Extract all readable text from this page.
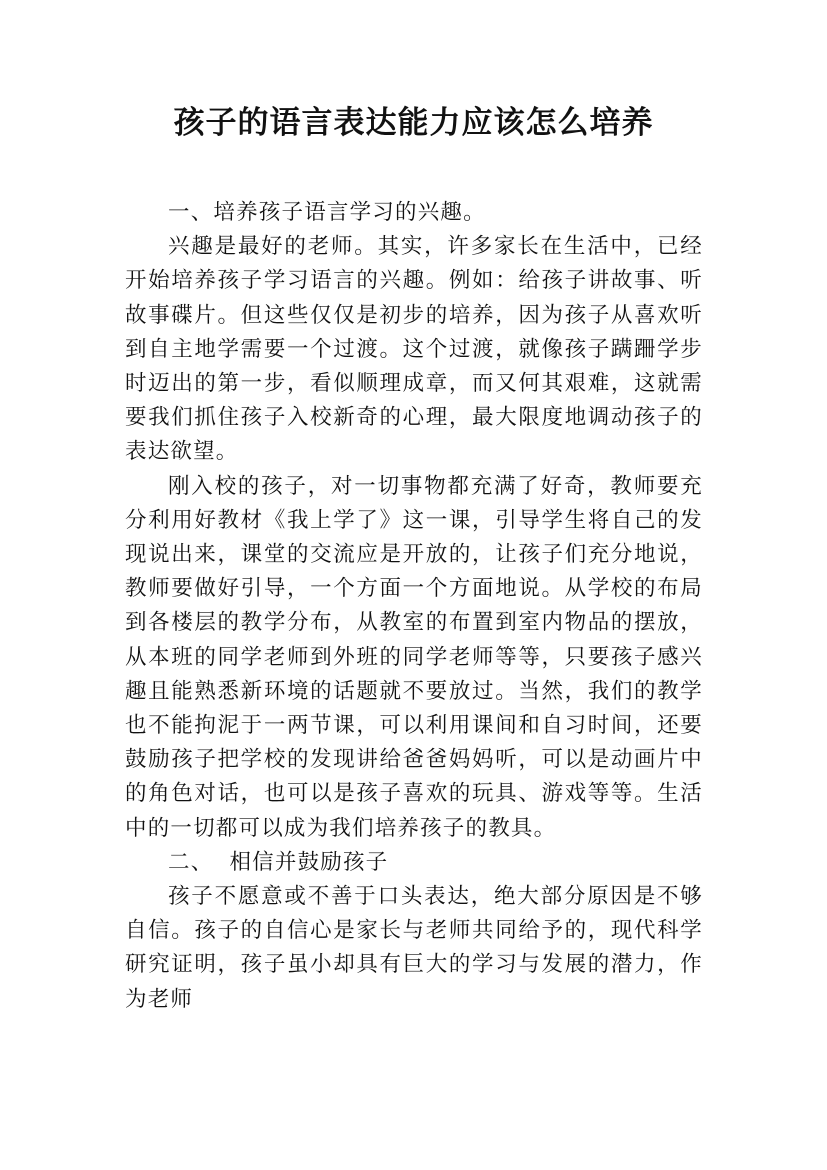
孩子的语言表达能力应该怎么培养

一、培养孩子语言学习的兴趣。

兴趣是最好的老师。其实，许多家长在生活中，已经开始培养孩子学习语言的兴趣。例如：给孩子讲故事、听故事碟片。但这些仅仅是初步的培养，因为孩子从喜欢听到自主地学需要一个过渡。这个过渡，就像孩子蹒跚学步时迈出的第一步，看似顺理成章，而又何其艰难，这就需要我们抓住孩子入校新奇的心理，最大限度地调动孩子的表达欲望。

刚入校的孩子，对一切事物都充满了好奇，教师要充分利用好教材《我上学了》这一课，引导学生将自己的发现说出来，课堂的交流应是开放的，让孩子们充分地说，教师要做好引导，一个方面一个方面地说。从学校的布局到各楼层的教学分布，从教室的布置到室内物品的摆放，从本班的同学老师到外班的同学老师等等，只要孩子感兴趣且能熟悉新环境的话题就不要放过。当然，我们的教学也不能拘泥于一两节课，可以利用课间和自习时间，还要鼓励孩子把学校的发现讲给爸爸妈妈听，可以是动画片中的角色对话，也可以是孩子喜欢的玩具、游戏等等。生活中的一切都可以成为我们培养孩子的教具。

二、  相信并鼓励孩子

孩子不愿意或不善于口头表达，绝大部分原因是不够自信。孩子的自信心是家长与老师共同给予的，现代科学研究证明，孩子虽小却具有巨大的学习与发展的潜力，作为老师
